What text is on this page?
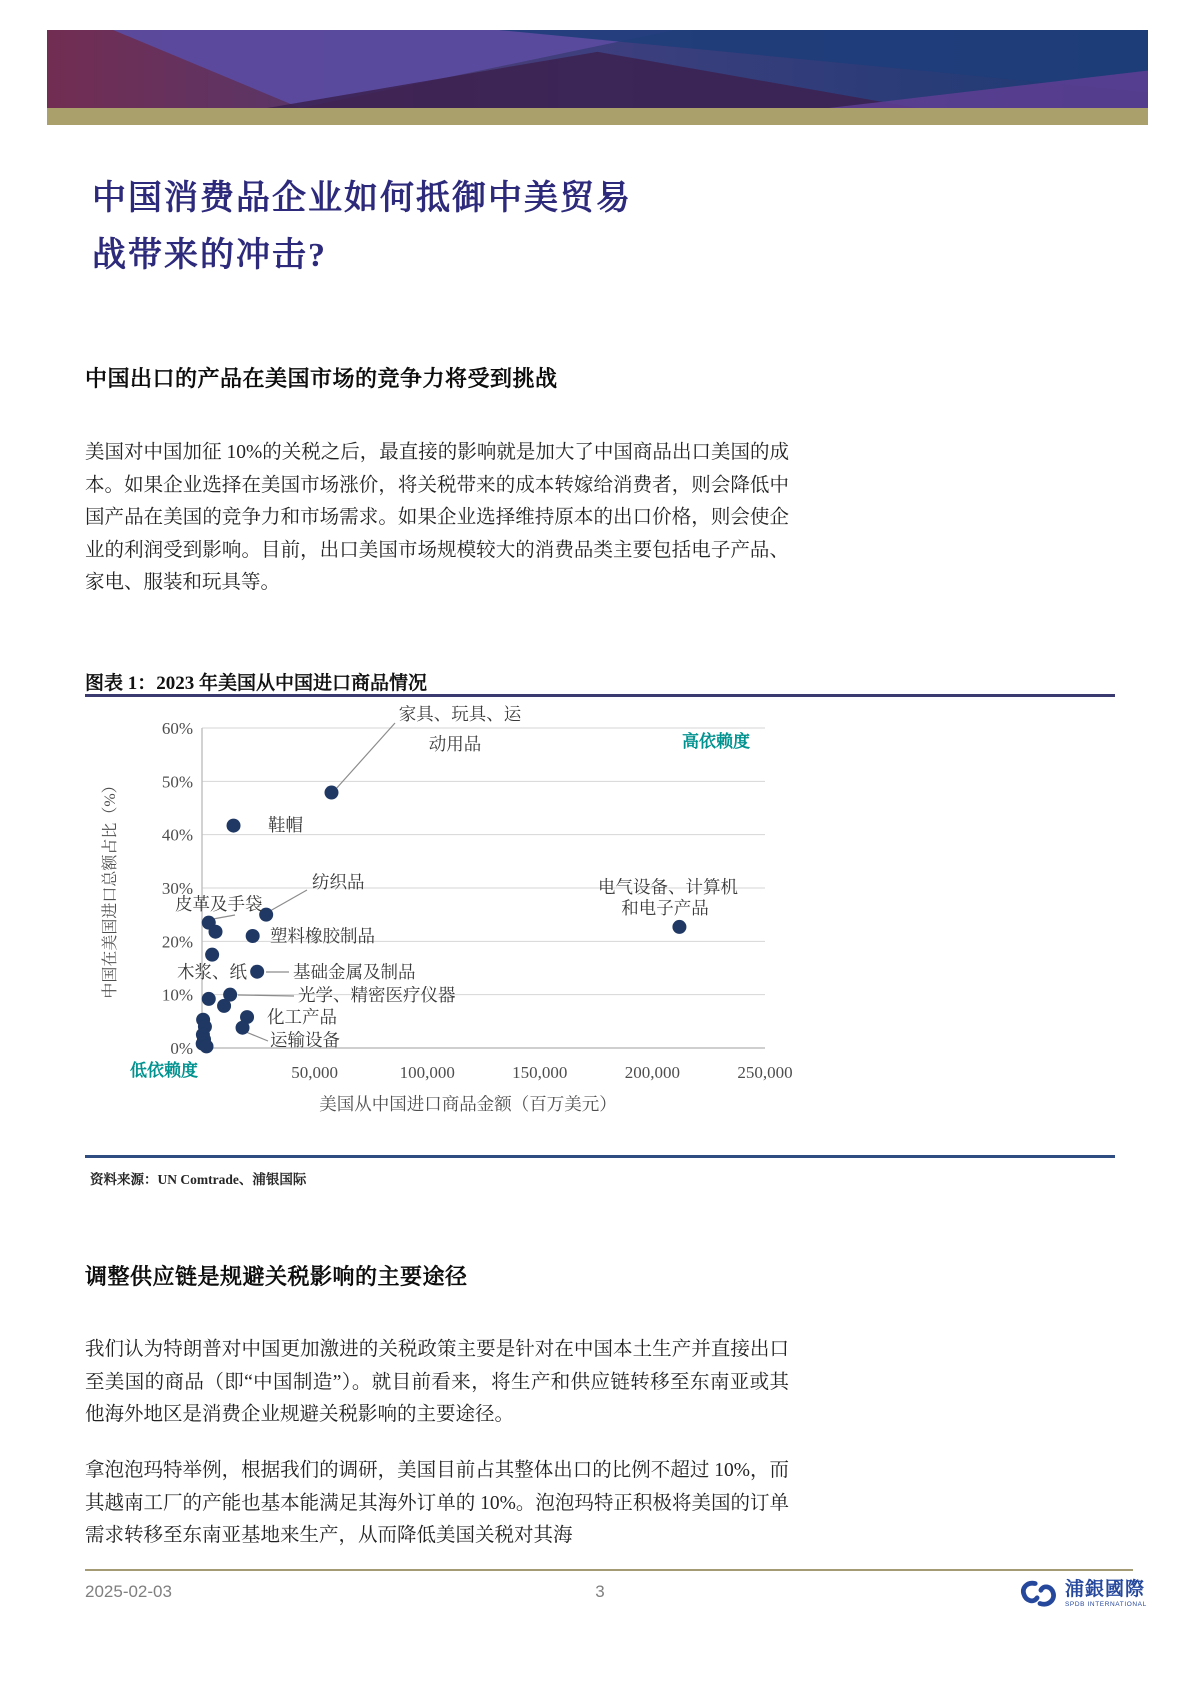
中国消费品企业如何抵御中美贸易
战带来的冲击?
中国出口的产品在美国市场的竞争力将受到挑战
美国对中国加征 10%的关税之后，最直接的影响就是加大了中国商品出口美国的成本。如果企业选择在美国市场涨价，将关税带来的成本转嫁给消费者，则会降低中国产品在美国的竞争力和市场需求。如果企业选择维持原本的出口价格，则会使企业的利润受到影响。目前，出口美国市场规模较大的消费品类主要包括电子产品、家电、服装和玩具等。
图表 1：2023 年美国从中国进口商品情况
0%
10%
20%
30%
40%
50%
60%
50,000	100,000	150,000	200,000	250,000
中国在美国进口总额占比（%）
美国从中国进口商品金额（百万美元）
高依赖度
低依赖度
家具、玩具、运
动用品
鞋帽
纺织品
皮革及手袋
塑料橡胶制品
木浆、纸	基础金属及制品
光学、精密医疗仪器
化工产品
运输设备
电气设备、计算机
和电子产品
资料来源：UN Comtrade、浦银国际
调整供应链是规避关税影响的主要途径
我们认为特朗普对中国更加激进的关税政策主要是针对在中国本土生产并直接出口至美国的商品（即“中国制造”）。就目前看来，将生产和供应链转移至东南亚或其他海外地区是消费企业规避关税影响的主要途径。
拿泡泡玛特举例，根据我们的调研，美国目前占其整体出口的比例不超过 10%，而其越南工厂的产能也基本能满足其海外订单的 10%。泡泡玛特正积极将美国的订单需求转移至东南亚基地来生产，从而降低美国关税对其海
2025-02-03	3	浦銀國際
SPDB INTERNATIONAL
